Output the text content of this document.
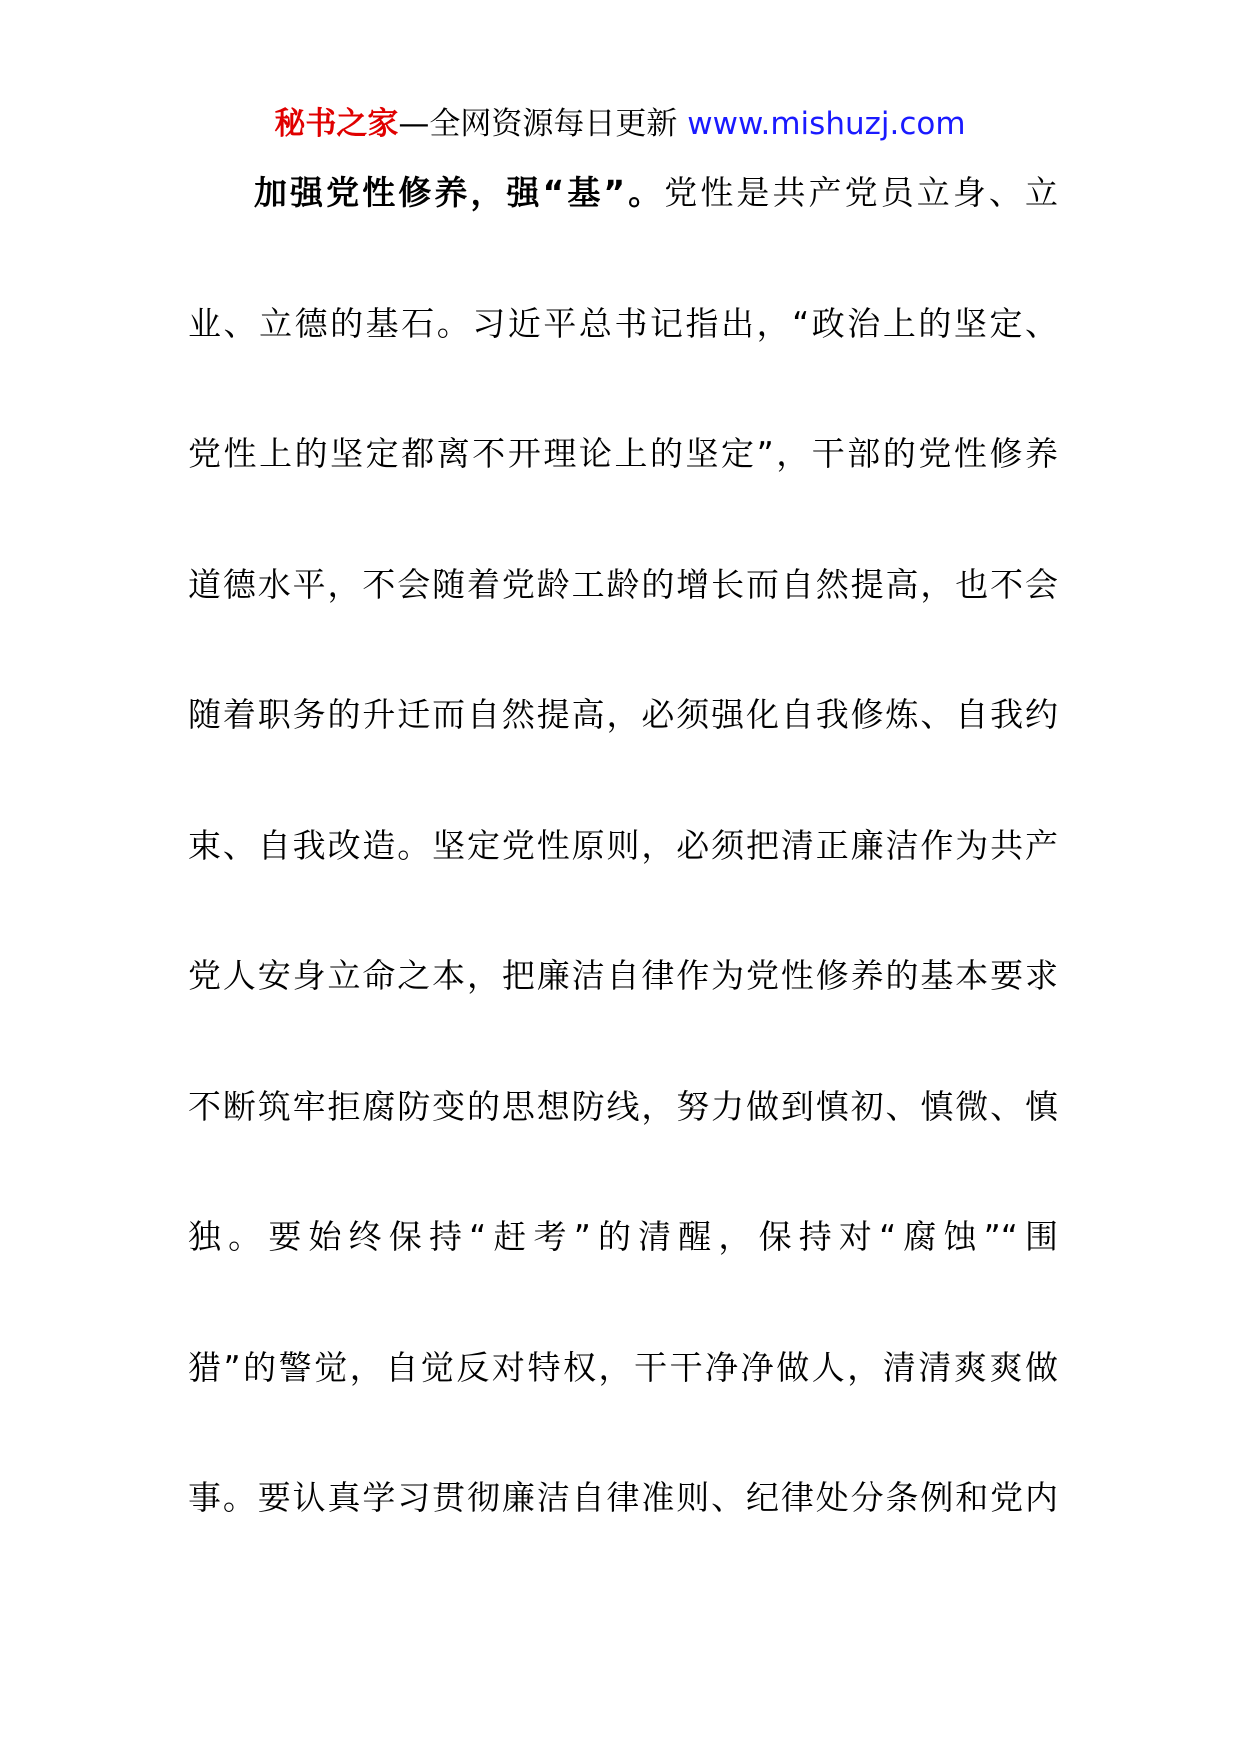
秘书之家—全网资源每日更新 www.mishuzj.com
加强党性修养，强“基”。党性是共产党员立身、立
业、立德的基石。习近平总书记指出，“政治上的坚定、
党性上的坚定都离不开理论上的坚定”，干部的党性修养
道德水平，不会随着党龄工龄的增长而自然提高，也不会
随着职务的升迁而自然提高，必须强化自我修炼、自我约
束、自我改造。坚定党性原则，必须把清正廉洁作为共产
党人安身立命之本，把廉洁自律作为党性修养的基本要求
不断筑牢拒腐防变的思想防线，努力做到慎初、慎微、慎
独。要始终保持“赶考”的清醒，保持对“腐蚀”“围
猎”的警觉，自觉反对特权，干干净净做人，清清爽爽做
事。要认真学习贯彻廉洁自律准则、纪律处分条例和党内
